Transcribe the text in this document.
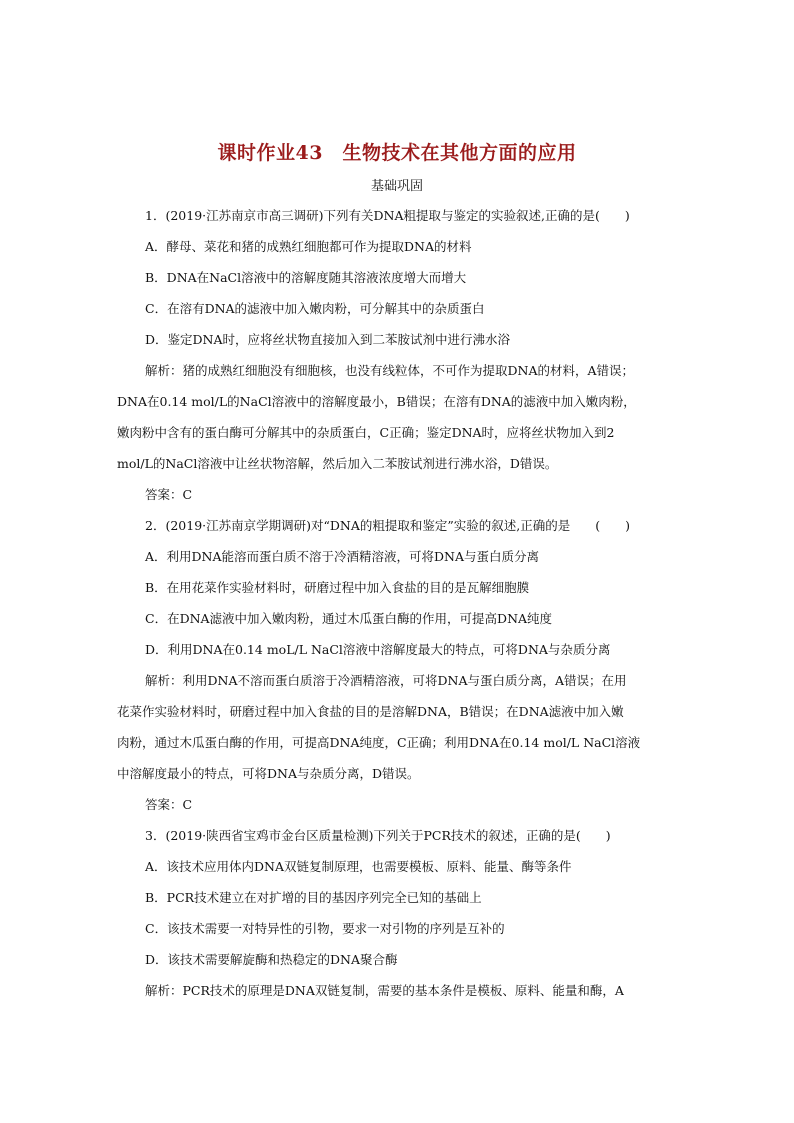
课时作业43　生物技术在其他方面的应用
基础巩固
1．(2019·江苏南京市高三调研)下列有关DNA粗提取与鉴定的实验叙述,正确的是(　　)
A．酵母、菜花和猪的成熟红细胞都可作为提取DNA的材料
B．DNA在NaCl溶液中的溶解度随其溶液浓度增大而增大
C．在溶有DNA的滤液中加入嫩肉粉，可分解其中的杂质蛋白
D．鉴定DNA时，应将丝状物直接加入到二苯胺试剂中进行沸水浴
解析：猪的成熟红细胞没有细胞核，也没有线粒体，不可作为提取DNA的材料，A错误；
DNA在0.14 mol/L的NaCl溶液中的溶解度最小，B错误；在溶有DNA的滤液中加入嫩肉粉，
嫩肉粉中含有的蛋白酶可分解其中的杂质蛋白，C正确；鉴定DNA时，应将丝状物加入到2
mol/L的NaCl溶液中让丝状物溶解，然后加入二苯胺试剂进行沸水浴，D错误。
答案：C
2．(2019·江苏南京学期调研)对“DNA的粗提取和鉴定”实验的叙述,正确的是　　(　　)
A．利用DNA能溶而蛋白质不溶于冷酒精溶液，可将DNA与蛋白质分离
B．在用花菜作实验材料时，研磨过程中加入食盐的目的是瓦解细胞膜
C．在DNA滤液中加入嫩肉粉，通过木瓜蛋白酶的作用，可提高DNA纯度
D．利用DNA在0.14 moL/L NaCl溶液中溶解度最大的特点，可将DNA与杂质分离
解析：利用DNA不溶而蛋白质溶于冷酒精溶液，可将DNA与蛋白质分离，A错误；在用
花菜作实验材料时，研磨过程中加入食盐的目的是溶解DNA，B错误；在DNA滤液中加入嫩
肉粉，通过木瓜蛋白酶的作用，可提高DNA纯度，C正确；利用DNA在0.14 mol/L NaCl溶液
中溶解度最小的特点，可将DNA与杂质分离，D错误。
答案：C
3．(2019·陕西省宝鸡市金台区质量检测)下列关于PCR技术的叙述，正确的是(　　)
A．该技术应用体内DNA双链复制原理，也需要模板、原料、能量、酶等条件
B．PCR技术建立在对扩增的目的基因序列完全已知的基础上
C．该技术需要一对特异性的引物，要求一对引物的序列是互补的
D．该技术需要解旋酶和热稳定的DNA聚合酶
解析：PCR技术的原理是DNA双链复制，需要的基本条件是模板、原料、能量和酶，A
